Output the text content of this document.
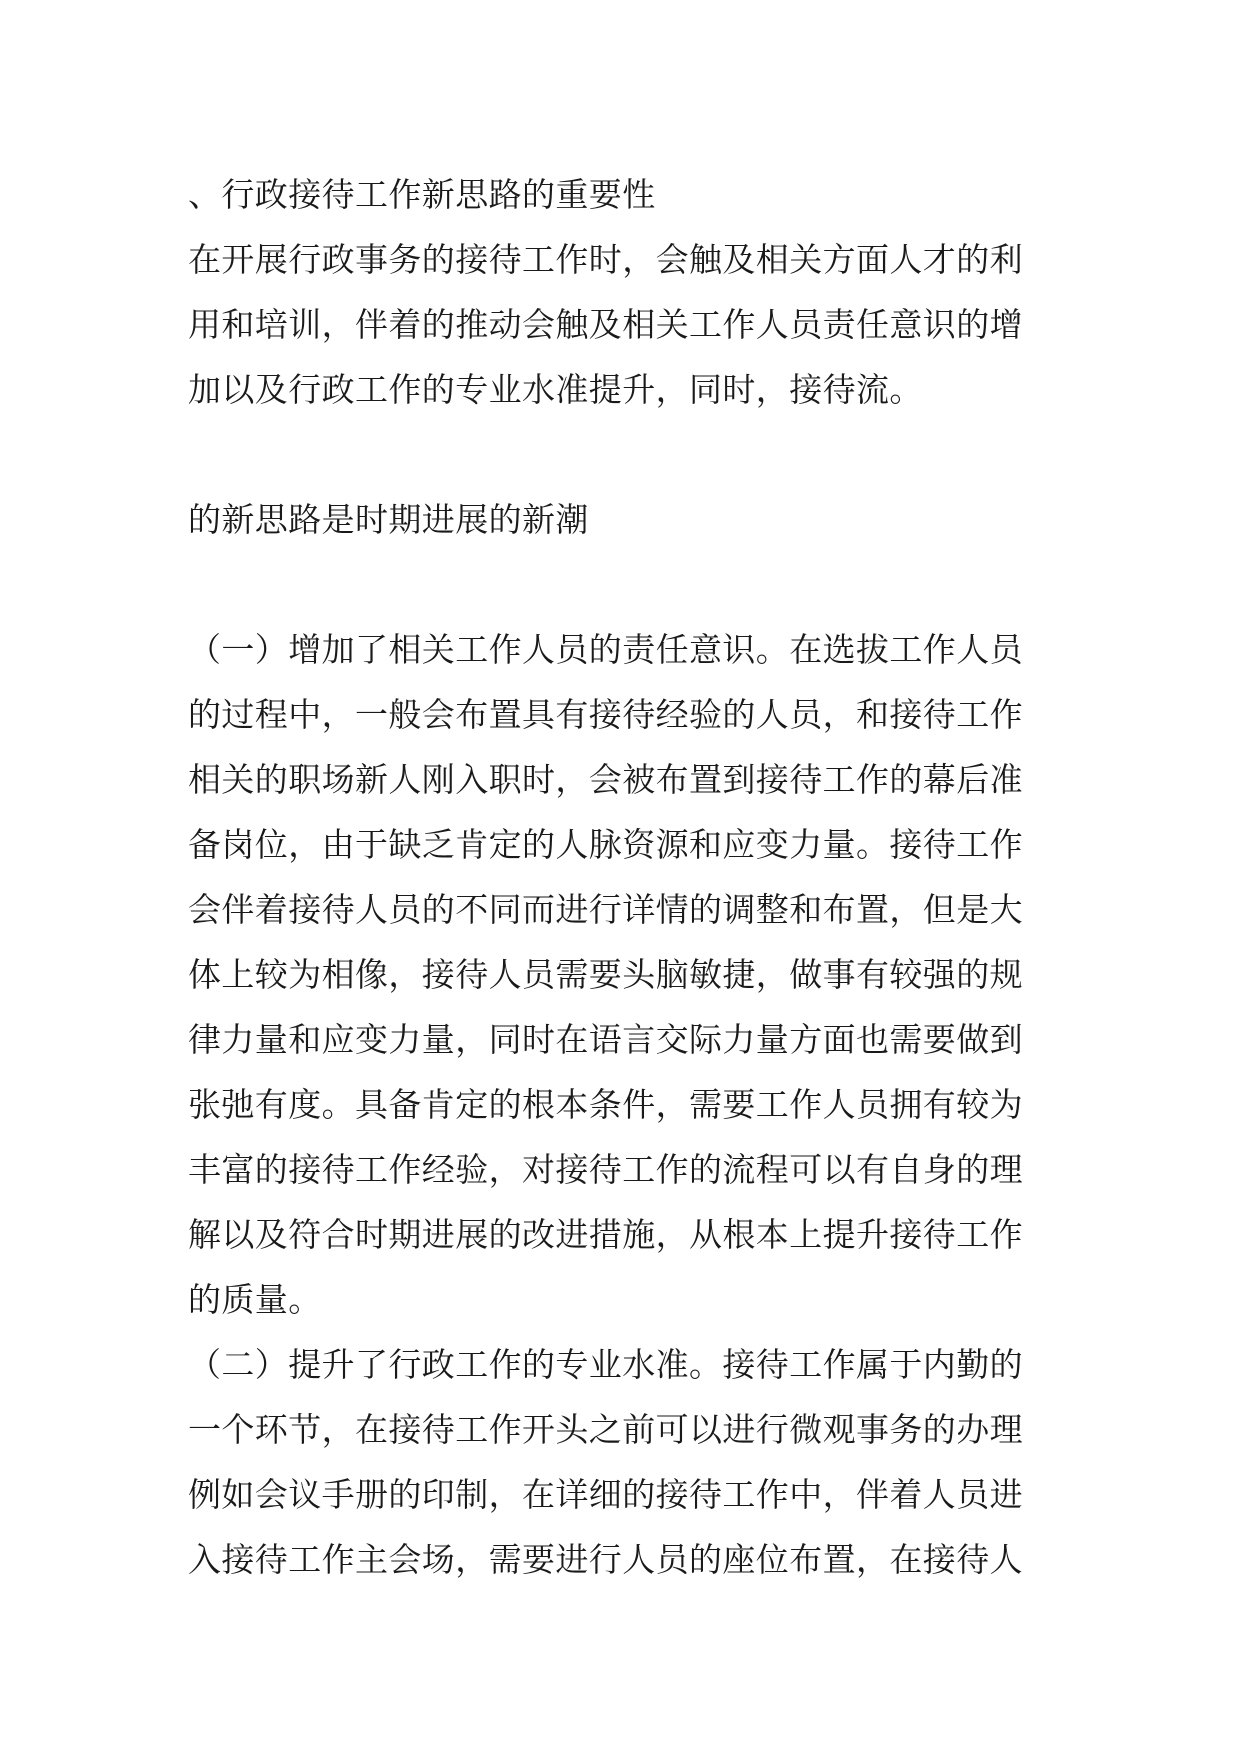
、行政接待工作新思路的重要性

在开展行政事务的接待工作时，会触及相关方面人才的利
用和培训，伴着的推动会触及相关工作人员责任意识的增
加以及行政工作的专业水准提升，同时，接待流。

的新思路是时期进展的新潮

（一）增加了相关工作人员的责任意识。在选拔工作人员
的过程中，一般会布置具有接待经验的人员，和接待工作
相关的职场新人刚入职时，会被布置到接待工作的幕后准
备岗位，由于缺乏肯定的人脉资源和应变力量。接待工作
会伴着接待人员的不同而进行详情的调整和布置，但是大
体上较为相像，接待人员需要头脑敏捷，做事有较强的规
律力量和应变力量，同时在语言交际力量方面也需要做到
张弛有度。具备肯定的根本条件，需要工作人员拥有较为
丰富的接待工作经验，对接待工作的流程可以有自身的理
解以及符合时期进展的改进措施，从根本上提升接待工作
的质量。

（二）提升了行政工作的专业水准。接待工作属于内勤的
一个环节，在接待工作开头之前可以进行微观事务的办理
例如会议手册的印制，在详细的接待工作中，伴着人员进
入接待工作主会场，需要进行人员的座位布置，在接待人
